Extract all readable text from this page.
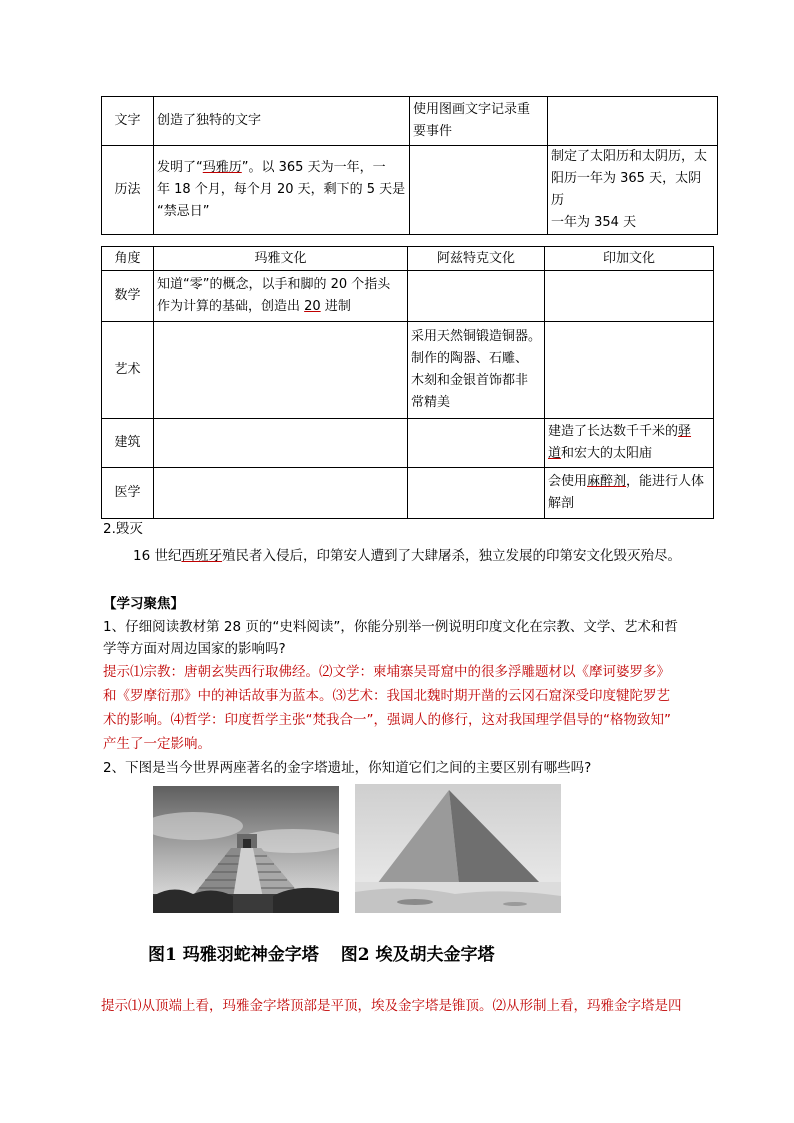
文字	创造了独特的文字	使用图画文字记录重
要事件	
历法	发明了“玛雅历”。以 365 天为一年，一
年 18 个月，每个月 20 天，剩下的 5 天是
“禁忌日”		制定了太阳历和太阴历，太
阳历一年为 365 天，太阴历
一年为 354 天
角度	玛雅文化	阿兹特克文化	印加文化
数学	知道“零”的概念，以手和脚的 20 个指头
作为计算的基础，创造出 20 进制		
艺术		采用天然铜锻造铜器。
制作的陶器、石雕、
木刻和金银首饰都非
常精美	
建筑			建造了长达数千千米的驿
道和宏大的太阳庙
医学			会使用麻醉剂，能进行人体
解剖
2.毁灭
16 世纪西班牙殖民者入侵后，印第安人遭到了大肆屠杀，独立发展的印第安文化毁灭殆尽。
【学习聚焦】
1、仔细阅读教材第 28 页的“史料阅读”，你能分别举一例说明印度文化在宗教、文学、艺术和哲
学等方面对周边国家的影响吗?
提示⑴宗教：唐朝玄奘西行取佛经。⑵文学：柬埔寨吴哥窟中的很多浮雕题材以《摩诃婆罗多》
和《罗摩衍那》中的神话故事为蓝本。⑶艺术：我国北魏时期开凿的云冈石窟深受印度犍陀罗艺
术的影响。⑷哲学：印度哲学主张“梵我合一”，强调人的修行，这对我国理学倡导的“格物致知”
产生了一定影响。
2、下图是当今世界两座著名的金字塔遗址，你知道它们之间的主要区别有哪些吗?
图1 玛雅羽蛇神金字塔 图2 埃及胡夫金字塔
提示⑴从顶端上看，玛雅金字塔顶部是平顶，埃及金字塔是锥顶。⑵从形制上看，玛雅金字塔是四
